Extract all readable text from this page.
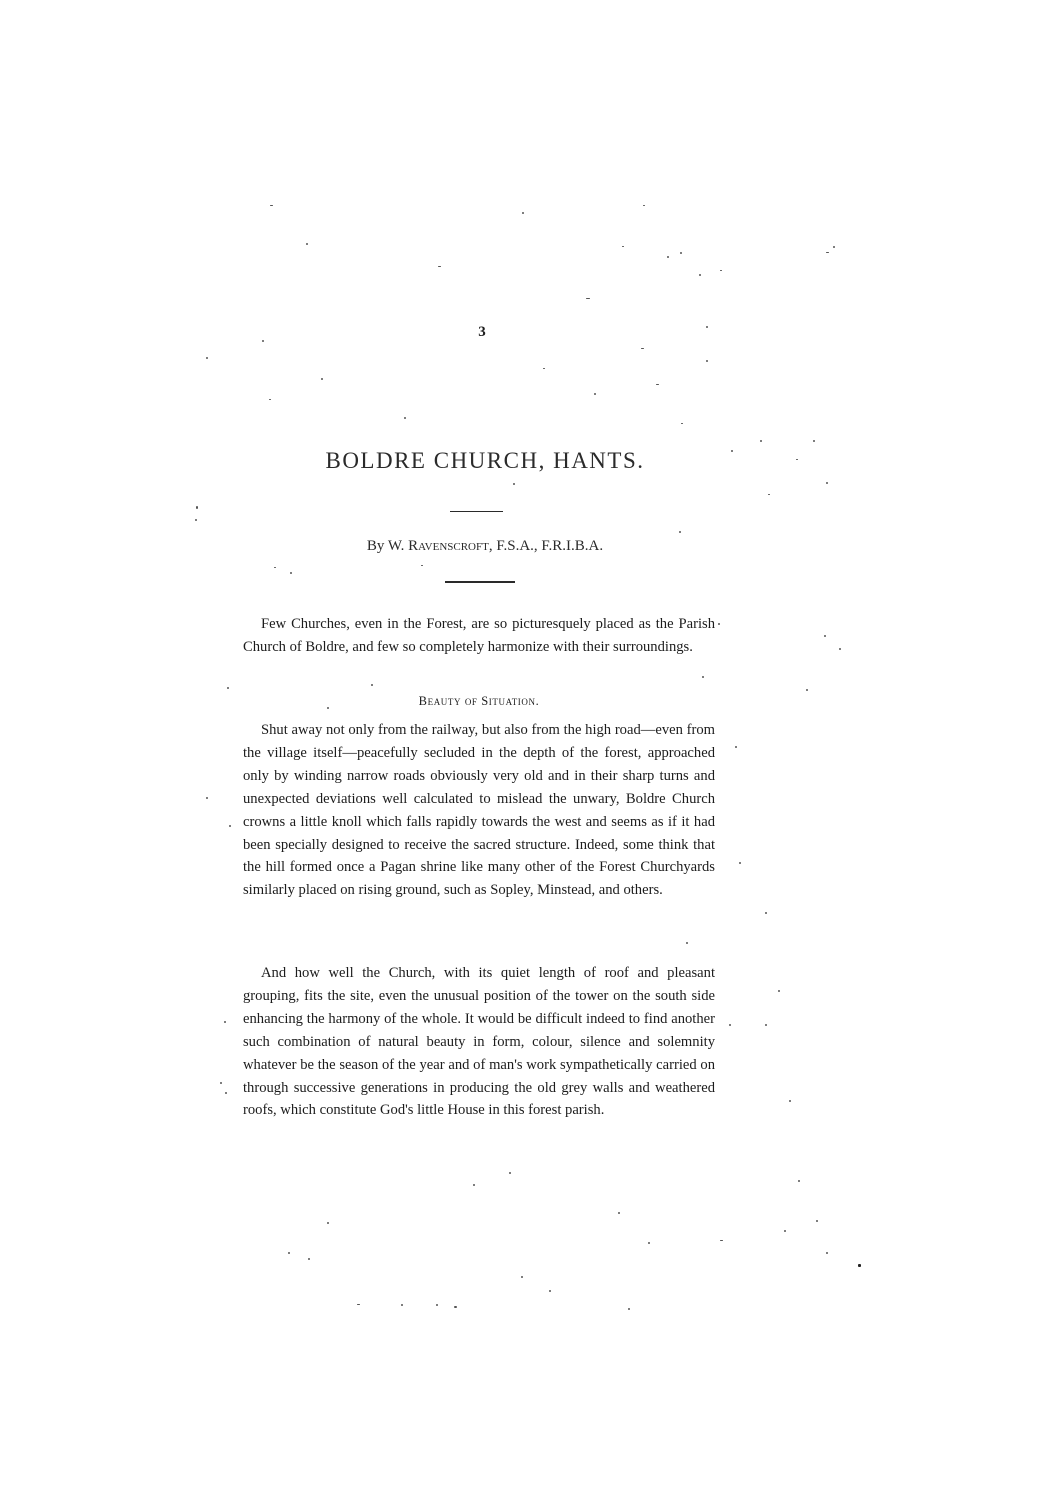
3
BOLDRE CHURCH, HANTS.
By W. Ravenscroft, F.S.A., F.R.I.B.A.

Few Churches, even in the Forest, are so picturesquely placed as the Parish Church of Boldre, and few so completely harmonize with their surroundings.

Beauty of Situation.

Shut away not only from the railway, but also from the high road—even from the village itself—peacefully secluded in the depth of the forest, approached only by winding narrow roads obviously very old and in their sharp turns and unexpected deviations well calculated to mislead the unwary, Boldre Church crowns a little knoll which falls rapidly towards the west and seems as if it had been specially designed to receive the sacred structure. Indeed, some think that the hill formed once a Pagan shrine like many other of the Forest Churchyards similarly placed on rising ground, such as Sopley, Minstead, and others.

And how well the Church, with its quiet length of roof and pleasant grouping, fits the site, even the unusual position of the tower on the south side enhancing the harmony of the whole. It would be difficult indeed to find another such combination of natural beauty in form, colour, silence and solemnity whatever be the season of the year and of man's work sympathetically carried on through successive generations in producing the old grey walls and weathered roofs, which constitute God's little House in this forest parish.
